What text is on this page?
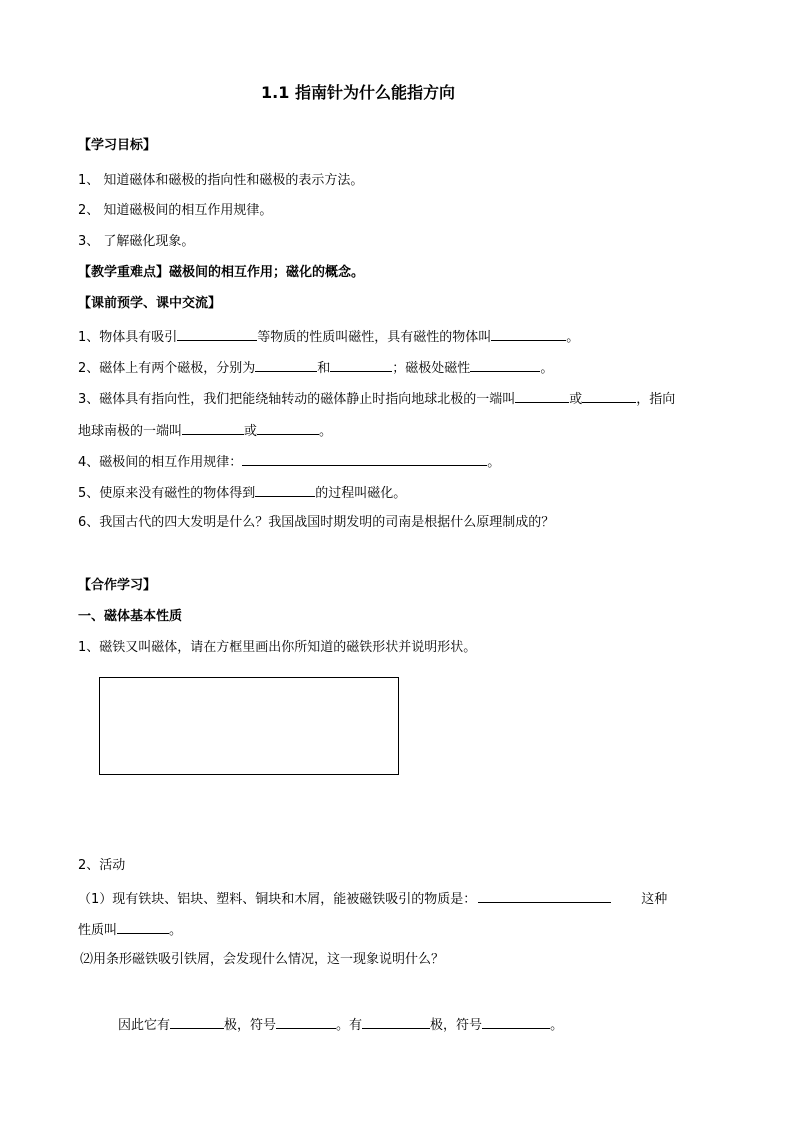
1.1 指南针为什么能指方向
【学习目标】
1、 知道磁体和磁极的指向性和磁极的表示方法。
2、 知道磁极间的相互作用规律。
3、 了解磁化现象。
【教学重难点】磁极间的相互作用；磁化的概念。
【课前预学、课中交流】
1、物体具有吸引	等物质的性质叫磁性，具有磁性的物体叫	。
2、磁体上有两个磁极，分别为	和	；磁极处磁性	。
3、磁体具有指向性，我们把能绕轴转动的磁体静止时指向地球北极的一端叫	或	，指向
地球南极的一端叫	或	。
4、磁极间的相互作用规律：	。
5、使原来没有磁性的物体得到	的过程叫磁化。
6、我国古代的四大发明是什么？我国战国时期发明的司南是根据什么原理制成的？
【合作学习】
一、磁体基本性质
1、磁铁又叫磁体，请在方框里画出你所知道的磁铁形状并说明形状。
2、活动
（1）现有铁块、铝块、塑料、铜块和木屑，能被磁铁吸引的物质是：	这种
性质叫	。
⑵用条形磁铁吸引铁屑，会发现什么情况，这一现象说明什么？
因此它有	极，符号	。有	极，符号	。
